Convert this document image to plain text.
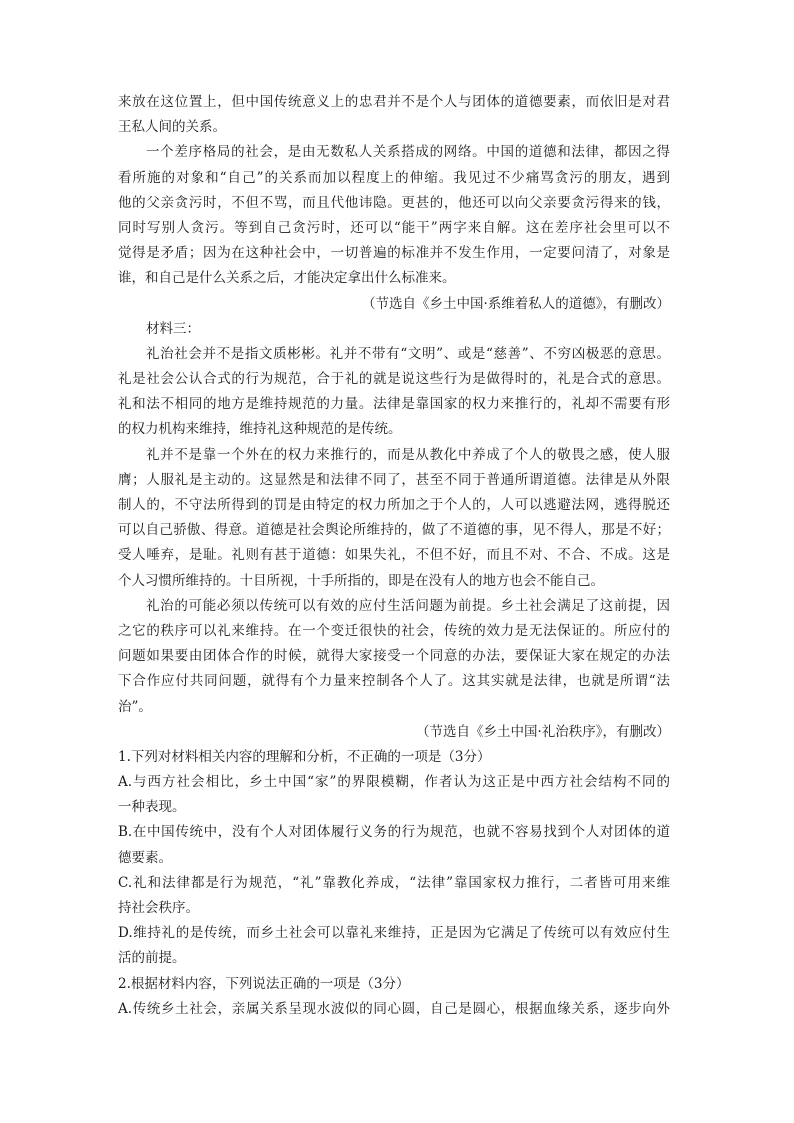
来放在这位置上，但中国传统意义上的忠君并不是个人与团体的道德要素，而依旧是对君
王私人间的关系。
一个差序格局的社会，是由无数私人关系搭成的网络。中国的道德和法律，都因之得
看所施的对象和“自己”的关系而加以程度上的伸缩。我见过不少痛骂贪污的朋友，遇到
他的父亲贪污时，不但不骂，而且代他讳隐。更甚的，他还可以向父亲要贪污得来的钱，
同时写别人贪污。等到自己贪污时，还可以“能干”两字来自解。这在差序社会里可以不
觉得是矛盾；因为在这种社会中，一切普遍的标准并不发生作用，一定要问清了，对象是
谁，和自己是什么关系之后，才能决定拿出什么标准来。
（节选自《乡土中国·系维着私人的道德》，有删改）
材料三：
礼治社会并不是指文质彬彬。礼并不带有“文明”、或是“慈善”、不穷凶极恶的意思。
礼是社会公认合式的行为规范，合于礼的就是说这些行为是做得时的，礼是合式的意思。
礼和法不相同的地方是维持规范的力量。法律是靠国家的权力来推行的，礼却不需要有形
的权力机构来维持，维持礼这种规范的是传统。
礼并不是靠一个外在的权力来推行的，而是从教化中养成了个人的敬畏之感，使人服
膺；人服礼是主动的。这显然是和法律不同了，甚至不同于普通所谓道德。法律是从外限
制人的，不守法所得到的罚是由特定的权力所加之于个人的，人可以逃避法网，逃得脱还
可以自己骄傲、得意。道德是社会舆论所维持的，做了不道德的事，见不得人，那是不好；
受人唾弃，是耻。礼则有甚于道德：如果失礼，不但不好，而且不对、不合、不成。这是
个人习惯所维持的。十目所视，十手所指的，即是在没有人的地方也会不能自己。
礼治的可能必须以传统可以有效的应付生活问题为前提。乡土社会满足了这前提，因
之它的秩序可以礼来维持。在一个变迁很快的社会，传统的效力是无法保证的。所应付的
问题如果要由团体合作的时候，就得大家接受一个同意的办法，要保证大家在规定的办法
下合作应付共同问题，就得有个力量来控制各个人了。这其实就是法律，也就是所谓“法
治”。
（节选自《乡土中国·礼治秩序》，有删改）
1.下列对材料相关内容的理解和分析，不正确的一项是（3分）
A.与西方社会相比，乡土中国“家”的界限模糊，作者认为这正是中西方社会结构不同的
一种表现。
B.在中国传统中，没有个人对团体履行义务的行为规范，也就不容易找到个人对团体的道
德要素。
C.礼和法律都是行为规范，“礼”靠教化养成，“法律”靠国家权力推行，二者皆可用来维
持社会秩序。
D.维持礼的是传统，而乡土社会可以靠礼来维持，正是因为它满足了传统可以有效应付生
活的前提。
2.根据材料内容，下列说法正确的一项是（3分）
A.传统乡土社会，亲属关系呈现水波似的同心圆，自己是圆心，根据血缘关系，逐步向外
